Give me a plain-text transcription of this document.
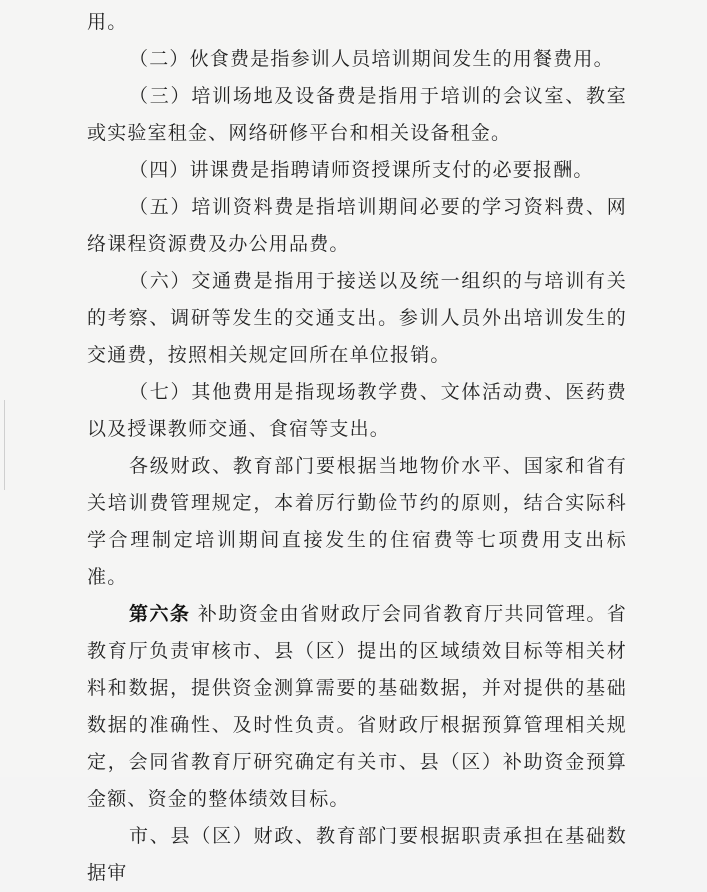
用。

（二）伙食费是指参训人员培训期间发生的用餐费用。

（三）培训场地及设备费是指用于培训的会议室、教室或实验室租金、网络研修平台和相关设备租金。

（四）讲课费是指聘请师资授课所支付的必要报酬。

（五）培训资料费是指培训期间必要的学习资料费、网络课程资源费及办公用品费。

（六）交通费是指用于接送以及统一组织的与培训有关的考察、调研等发生的交通支出。参训人员外出培训发生的交通费，按照相关规定回所在单位报销。

（七）其他费用是指现场教学费、文体活动费、医药费以及授课教师交通、食宿等支出。

各级财政、教育部门要根据当地物价水平、国家和省有关培训费管理规定，本着厉行勤俭节约的原则，结合实际科学合理制定培训期间直接发生的住宿费等七项费用支出标准。

第六条 补助资金由省财政厅会同省教育厅共同管理。省教育厅负责审核市、县（区）提出的区域绩效目标等相关材料和数据，提供资金测算需要的基础数据，并对提供的基础数据的准确性、及时性负责。省财政厅根据预算管理相关规定，会同省教育厅研究确定有关市、县（区）补助资金预算金额、资金的整体绩效目标。

市、县（区）财政、教育部门要根据职责承担在基础数据审
